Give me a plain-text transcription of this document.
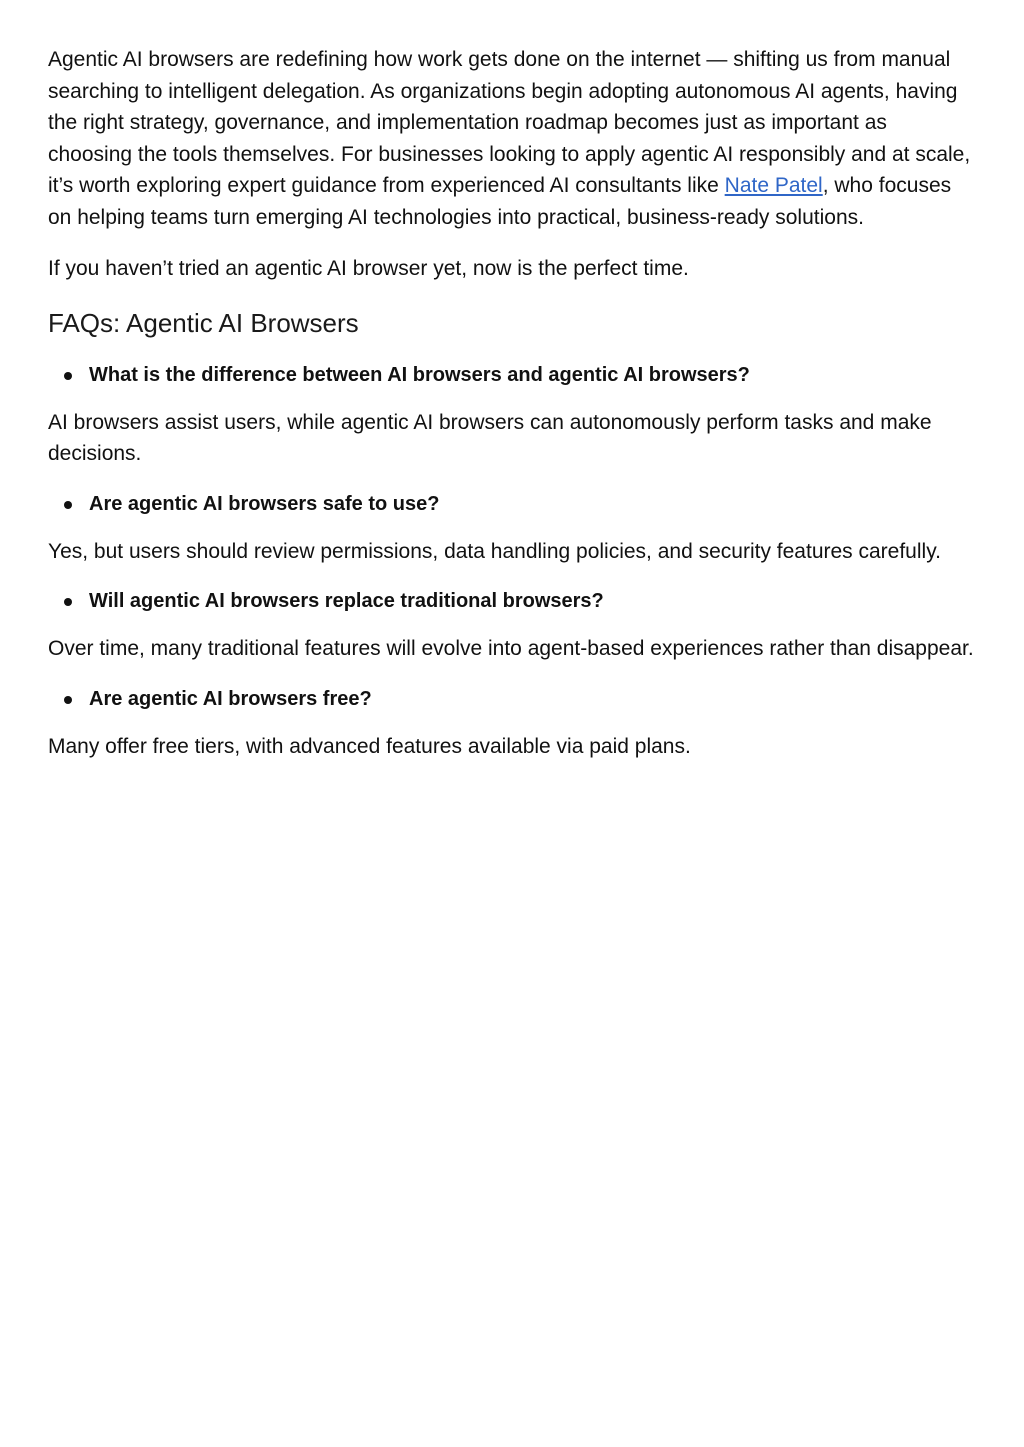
Agentic AI browsers are redefining how work gets done on the internet — shifting us from manual searching to intelligent delegation. As organizations begin adopting autonomous AI agents, having the right strategy, governance, and implementation roadmap becomes just as important as choosing the tools themselves. For businesses looking to apply agentic AI responsibly and at scale, it’s worth exploring expert guidance from experienced AI consultants like Nate Patel, who focuses on helping teams turn emerging AI technologies into practical, business-ready solutions.

If you haven’t tried an agentic AI browser yet, now is the perfect time.

FAQs: Agentic AI Browsers
What is the difference between AI browsers and agentic AI browsers?

AI browsers assist users, while agentic AI browsers can autonomously perform tasks and make decisions.

Are agentic AI browsers safe to use?

Yes, but users should review permissions, data handling policies, and security features carefully.

Will agentic AI browsers replace traditional browsers?

Over time, many traditional features will evolve into agent-based experiences rather than disappear.

Are agentic AI browsers free?

Many offer free tiers, with advanced features available via paid plans.
